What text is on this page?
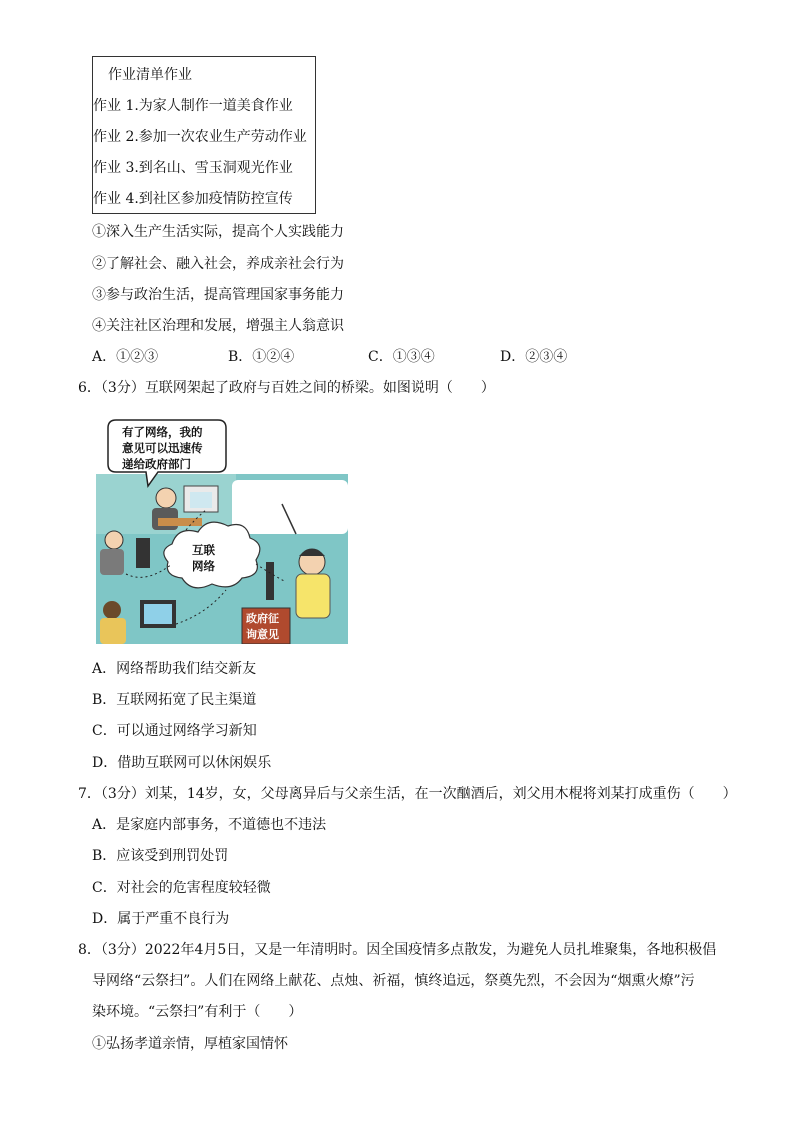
作业清单作业
作业 1.为家人制作一道美食作业
作业 2.参加一次农业生产劳动作业
作业 3.到名山、雪玉洞观光作业
作业 4.到社区参加疫情防控宣传
①深入生产生活实际，提高个人实践能力
②了解社会、融入社会，养成亲社会行为
③参与政治生活，提高管理国家事务能力
④关注社区治理和发展，增强主人翁意识
A．①②③	B．①②④	C．①③④	D．②③④
6．（3分）互联网架起了政府与百姓之间的桥梁。如图说明（　　）
有了网络，我的
意见可以迅速传
递给政府部门
互联
网络
政府征
询意见
A．网络帮助我们结交新友
B．互联网拓宽了民主渠道
C．可以通过网络学习新知
D．借助互联网可以休闲娱乐
7．（3分）刘某，14岁，女，父母离异后与父亲生活，在一次酗酒后，刘父用木棍将刘某打成重伤（　　）
A．是家庭内部事务，不道德也不违法
B．应该受到刑罚处罚
C．对社会的危害程度较轻微
D．属于严重不良行为
8．（3分）2022年4月5日，又是一年清明时。因全国疫情多点散发，为避免人员扎堆聚集，各地积极倡
导网络“云祭扫”。人们在网络上献花、点烛、祈福，慎终追远，祭奠先烈，不会因为“烟熏火燎”污
染环境。“云祭扫”有利于（　　）
①弘扬孝道亲情，厚植家国情怀
